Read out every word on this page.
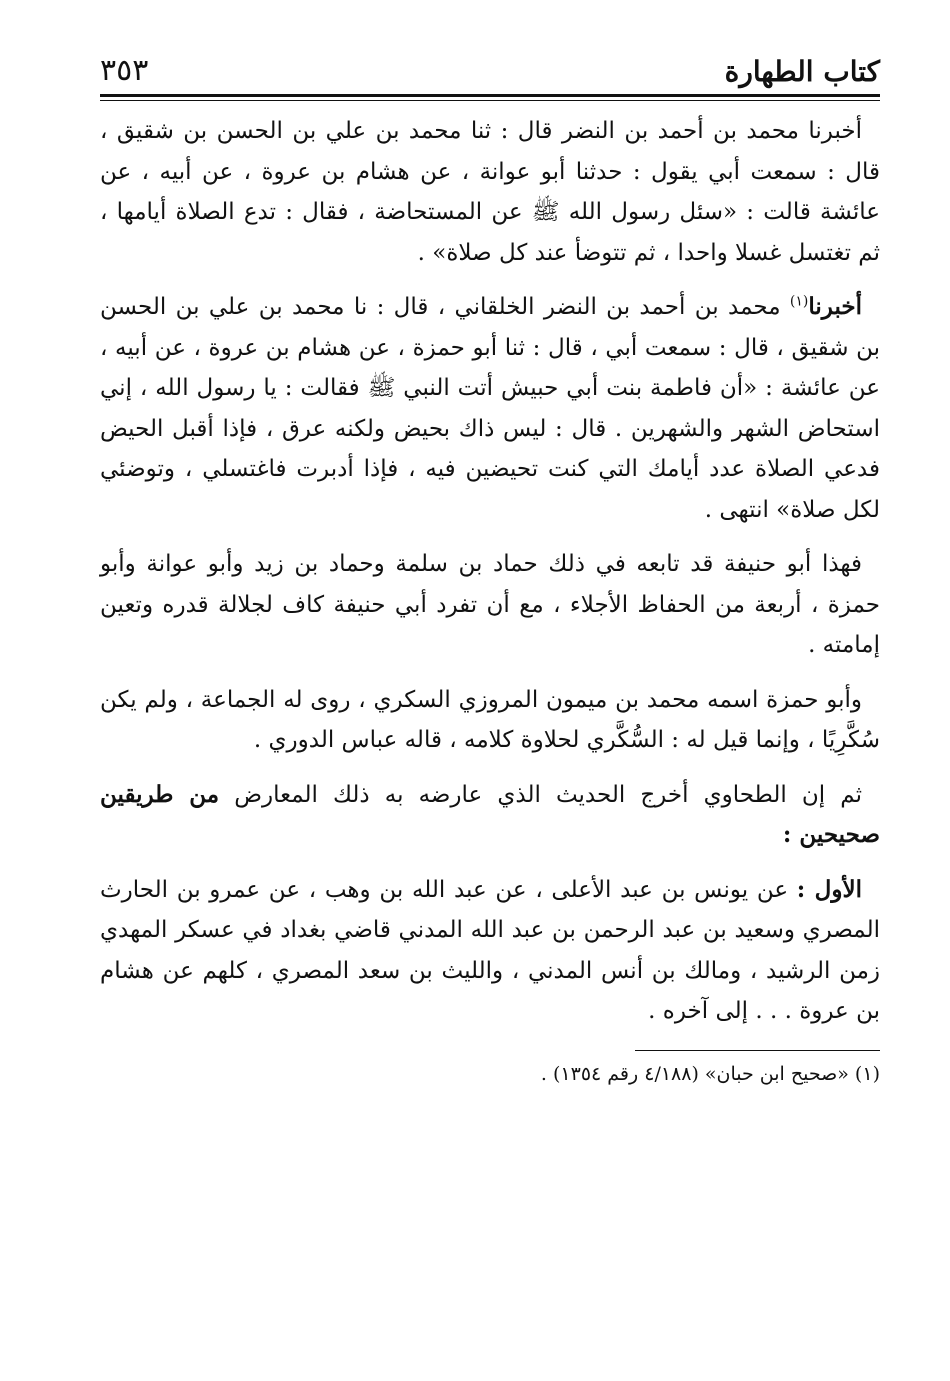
كتاب الطهارة
٣٥٣

أخبرنا محمد بن أحمد بن النضر قال : ثنا محمد بن علي بن الحسن بن شقيق ، قال : سمعت أبي يقول : حدثنا أبو عوانة ، عن هشام بن عروة ، عن أبيه ، عن عائشة قالت : «سئل رسول الله ﷺ عن المستحاضة ، فقال : تدع الصلاة أيامها ، ثم تغتسل غسلا واحدا ، ثم تتوضأ عند كل صلاة» .

أخبرنا$^{(١)}$ محمد بن أحمد بن النضر الخلقاني ، قال : نا محمد بن علي بن الحسن بن شقيق ، قال : سمعت أبي ، قال : ثنا أبو حمزة ، عن هشام بن عروة ، عن أبيه ، عن عائشة : «أن فاطمة بنت أبي حبيش أتت النبي ﷺ فقالت : يا رسول الله ، إني استحاض الشهر والشهرين . قال : ليس ذاك بحيض ولكنه عرق ، فإذا أقبل الحيض فدعي الصلاة عدد أيامك التي كنت تحيضين فيه ، فإذا أدبرت فاغتسلي ، وتوضئي لكل صلاة» انتهى .

فهذا أبو حنيفة قد تابعه في ذلك حماد بن سلمة وحماد بن زيد وأبو عوانة وأبو حمزة ، أربعة من الحفاظ الأجلاء ، مع أن تفرد أبي حنيفة كاف لجلالة قدره وتعين إمامته .

وأبو حمزة اسمه محمد بن ميمون المروزي السكري ، روى له الجماعة ، ولم يكن سُكَّرِيًا ، وإنما قيل له : السُّكَّري لحلاوة كلامه ، قاله عباس الدوري .

ثم إن الطحاوي أخرج الحديث الذي عارضه به ذلك المعارض من طريقين صحيحين :

الأول : عن يونس بن عبد الأعلى ، عن عبد الله بن وهب ، عن عمرو بن الحارث المصري وسعيد بن عبد الرحمن بن عبد الله المدني قاضي بغداد في عسكر المهدي زمن الرشيد ، ومالك بن أنس المدني ، والليث بن سعد المصري ، كلهم عن هشام بن عروة . . . إلى آخره .

(١) «صحيح ابن حبان» (٤/١٨٨ رقم ١٣٥٤) .
